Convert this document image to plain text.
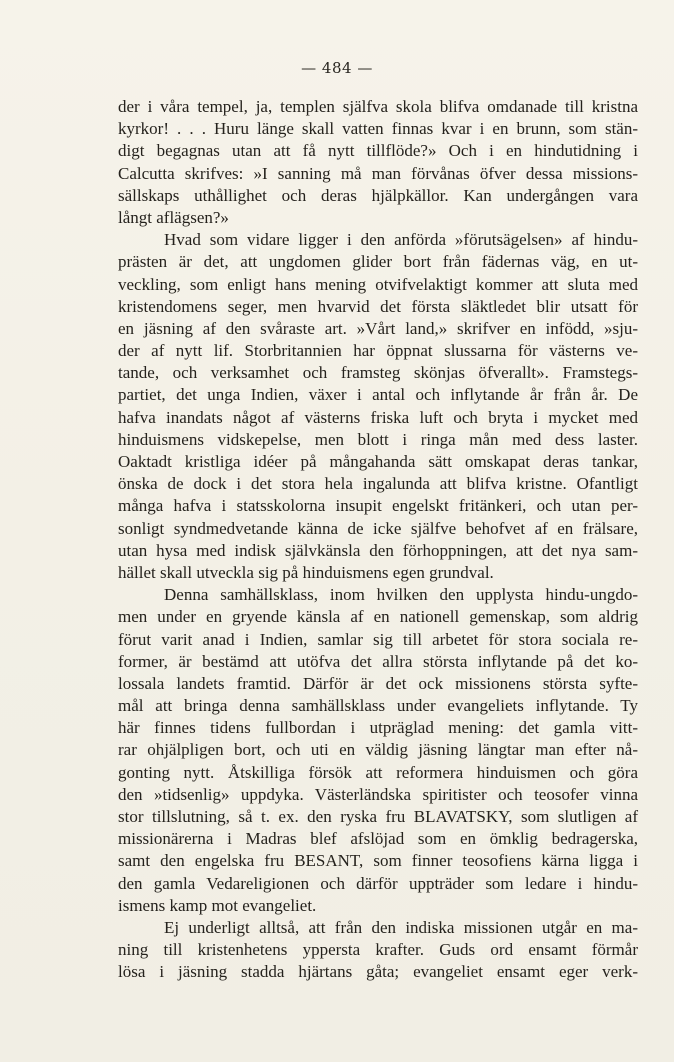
— 484 —
der i våra tempel, ja, templen själfva skola blifva omdanade till kristna
kyrkor! . . . Huru länge skall vatten finnas kvar i en brunn, som stän-
digt begagnas utan att få nytt tillflöde?» Och i en hindutidning i
Calcutta skrifves: »I sanning må man förvånas öfver dessa missions-
sällskaps uthållighet och deras hjälpkällor. Kan undergången vara
långt aflägsen?»
Hvad som vidare ligger i den anförda »förutsägelsen» af hindu-
prästen är det, att ungdomen glider bort från fädernas väg, en ut-
veckling, som enligt hans mening otvifvelaktigt kommer att sluta med
kristendomens seger, men hvarvid det första släktledet blir utsatt för
en jäsning af den svåraste art. »Vårt land,» skrifver en infödd, »sju-
der af nytt lif. Storbritannien har öppnat slussarna för västerns ve-
tande, och verksamhet och framsteg skönjas öfverallt». Framstegs-
partiet, det unga Indien, växer i antal och inflytande år från år. De
hafva inandats något af västerns friska luft och bryta i mycket med
hinduismens vidskepelse, men blott i ringa mån med dess laster.
Oaktadt kristliga idéer på mångahanda sätt omskapat deras tankar,
önska de dock i det stora hela ingalunda att blifva kristne. Ofantligt
många hafva i statsskolorna insupit engelskt fritänkeri, och utan per-
sonligt syndmedvetande känna de icke själfve behofvet af en frälsare,
utan hysa med indisk självkänsla den förhoppningen, att det nya sam-
hället skall utveckla sig på hinduismens egen grundval.
Denna samhällsklass, inom hvilken den upplysta hindu-ungdo-
men under en gryende känsla af en nationell gemenskap, som aldrig
förut varit anad i Indien, samlar sig till arbetet för stora sociala re-
former, är bestämd att utöfva det allra största inflytande på det ko-
lossala landets framtid. Därför är det ock missionens största syfte-
mål att bringa denna samhällsklass under evangeliets inflytande. Ty
här finnes tidens fullbordan i utpräglad mening: det gamla vitt-
rar ohjälpligen bort, och uti en väldig jäsning längtar man efter nå-
gonting nytt. Åtskilliga försök att reformera hinduismen och göra
den »tidsenlig» uppdyka. Västerländska spiritister och teosofer vinna
stor tillslutning, så t. ex. den ryska fru BLAVATSKY, som slutligen af
missionärerna i Madras blef afslöjad som en ömklig bedragerska,
samt den engelska fru BESANT, som finner teosofiens kärna ligga i
den gamla Vedareligionen och därför uppträder som ledare i hindu-
ismens kamp mot evangeliet.
Ej underligt alltså, att från den indiska missionen utgår en ma-
ning till kristenhetens yppersta krafter. Guds ord ensamt förmår
lösa i jäsning stadda hjärtans gåta; evangeliet ensamt eger verk-
